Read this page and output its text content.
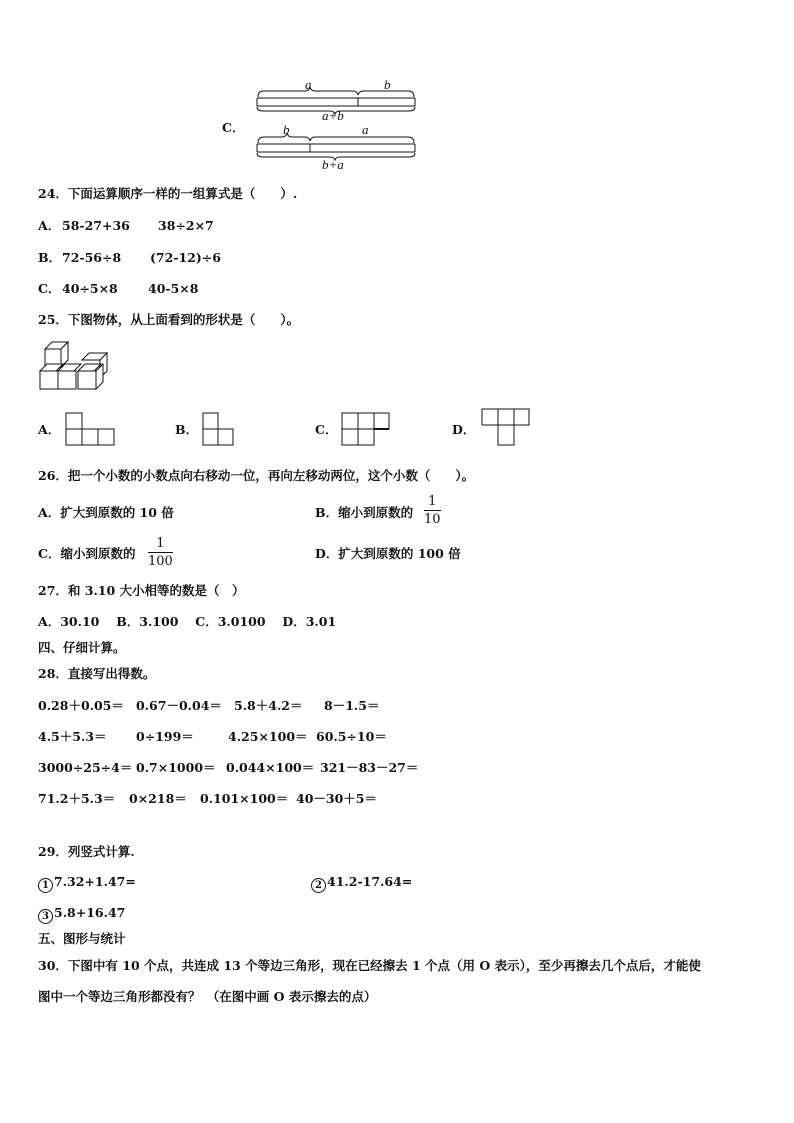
C．
a	b
a+b
b	a
b+a
24．下面运算顺序一样的一组算式是（　　）.
A． 58-27+36 38÷2×7
B． 72-56÷8 (72-12)÷6
C． 40÷5×8 40-5×8
25．下图物体，从上面看到的形状是（　　）。
A．	B．	C．	D．
26．把一个小数的小数点向右移动一位，再向左移动两位，这个小数（　　）。
A．扩大到原数的 10 倍	B．缩小到原数的
1
10
C．缩小到原数的
1
100
D．扩大到原数的 100 倍
27．和 3.10 大小相等的数是（　）
A．30.10　 B．3.100　 C．3.0100　 D．3.01
四、仔细计算。
28．直接写出得数。
0.28＋0.05＝ 0.67－0.04＝ 5.8＋4.2＝ 8－1.5＝
4.5＋5.3＝ 0÷199＝	4.25×100＝ 60.5÷10＝
3000÷25÷4＝ 0.7×1000＝ 0.044×100＝ 321－83－27＝
71.2＋5.3＝ 0×218＝ 0.101×100＝ 40－30＋5＝
29．列竖式计算.
1 7.32+1.47=	2 41.2-17.64=
3 5.8+16.47
五、图形与统计
30．下图中有 10 个点，共连成 13 个等边三角形，现在已经擦去 1 个点（用 O 表示），至少再擦去几个点后，才能使
图中一个等边三角形都没有？　（在图中画 O 表示擦去的点）
